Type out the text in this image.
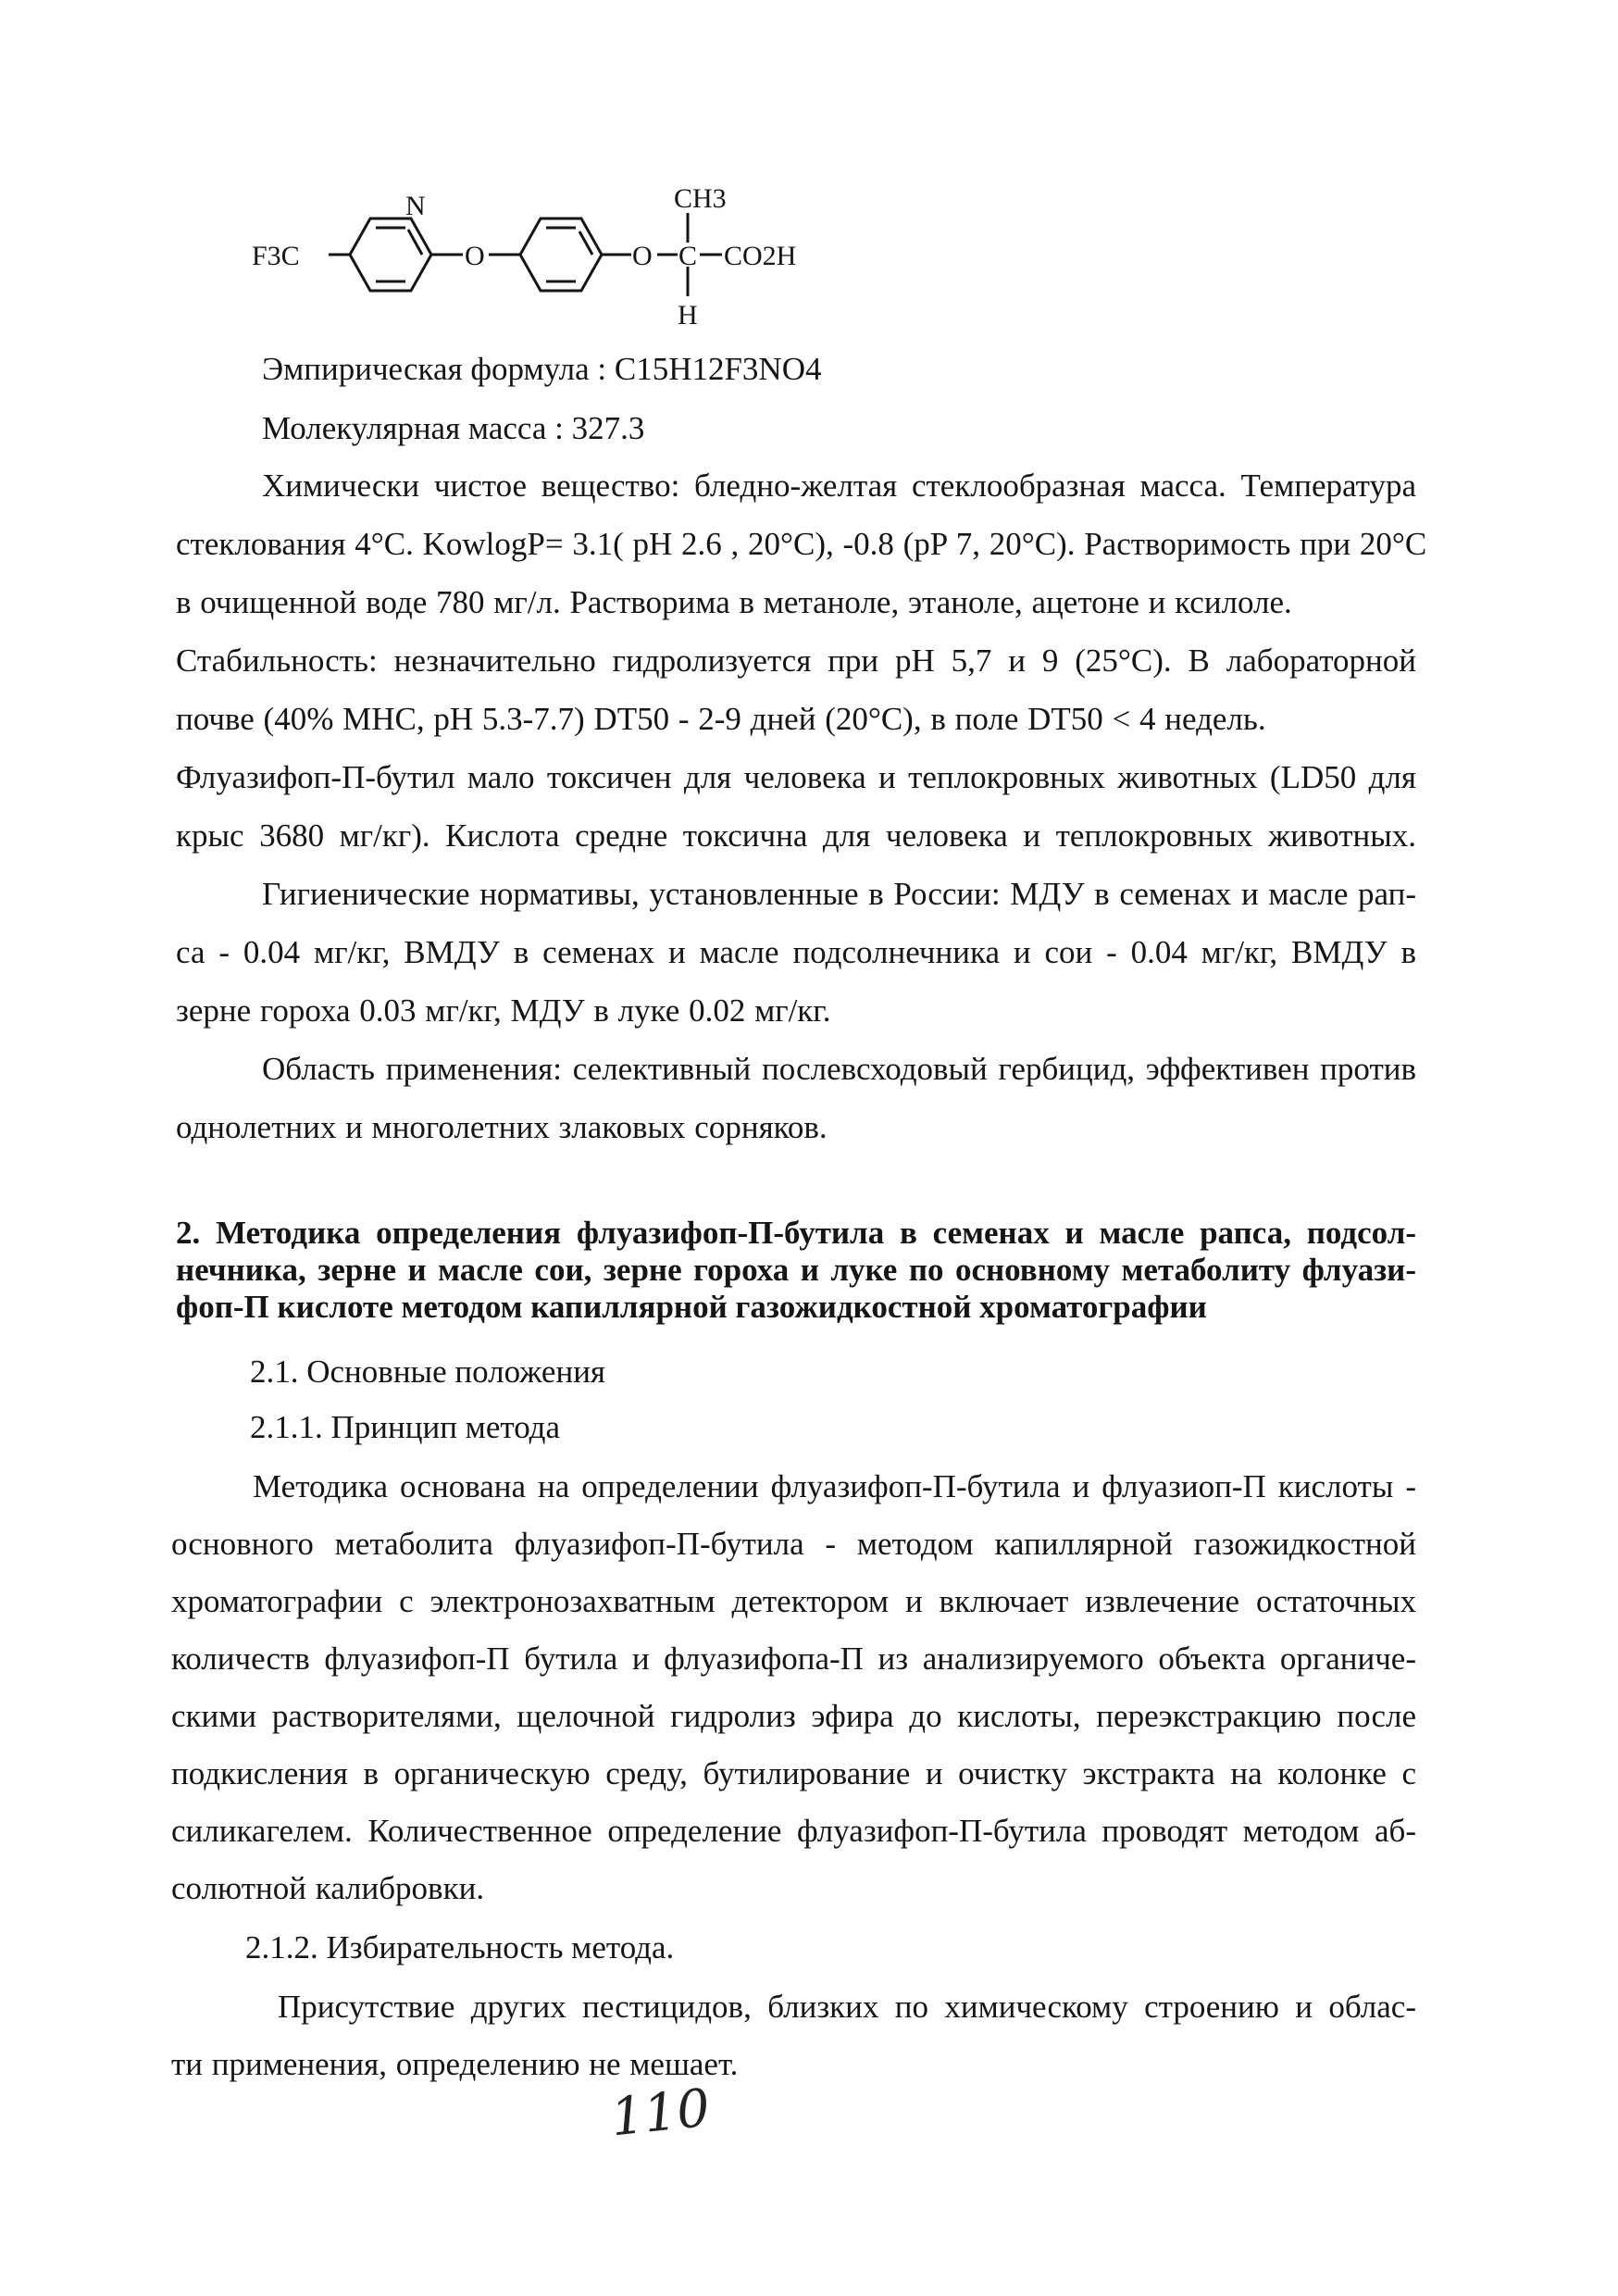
F3C
N
O	O
CH3
C CO2H
H
Эмпирическая формула : C15H12F3NO4
Молекулярная масса : 327.3
Химически чистое вещество: бледно-желтая стеклообразная масса. Температура
стеклования 4°C. KowlogP= 3.1( pH 2.6 , 20°C), -0.8 (pP 7, 20°C). Растворимость при 20°C
в очищенной воде 780 мг/л. Растворима в метаноле, этаноле, ацетоне и ксилоле.
Стабильность: незначительно гидролизуется при pH 5,7 и 9 (25°C). В лабораторной
почве (40% MHC, pH 5.3-7.7) DT50 - 2-9 дней (20°C), в поле DT50 < 4 недель.
Флуазифоп-П-бутил мало токсичен для человека и теплокровных животных (LD50 для
крыс 3680 мг/кг). Кислота средне токсична для человека и теплокровных животных.
Гигиенические нормативы, установленные в России: МДУ в семенах и масле рап-
са - 0.04 мг/кг, ВМДУ в семенах и масле подсолнечника и сои - 0.04 мг/кг, ВМДУ в
зерне гороха 0.03 мг/кг, МДУ в луке 0.02 мг/кг.
Область применения: селективный послевсходовый гербицид, эффективен против
однолетних и многолетних злаковых сорняков.
2. Методика определения флуазифоп-П-бутила в семенах и масле рапса, подсол-
нечника, зерне и масле сои, зерне гороха и луке по основному метаболиту флуази-
фоп-П кислоте методом капиллярной газожидкостной хроматографии
2.1. Основные положения
2.1.1. Принцип метода
Методика основана на определении флуазифоп-П-бутила и флуазиоп-П кислоты -
основного метаболита флуазифоп-П-бутила - методом капиллярной газожидкостной
хроматографии с электронозахватным детектором и включает извлечение остаточных
количеств флуазифоп-П бутила и флуазифопа-П из анализируемого объекта органиче-
скими растворителями, щелочной гидролиз эфира до кислоты, переэкстракцию после
подкисления в органическую среду, бутилирование и очистку экстракта на колонке с
силикагелем. Количественное определение флуазифоп-П-бутила проводят методом аб-
солютной калибровки.
2.1.2. Избирательность метода.
Присутствие других пестицидов, близких по химическому строению и облас-
ти применения, определению не мешает.
110
